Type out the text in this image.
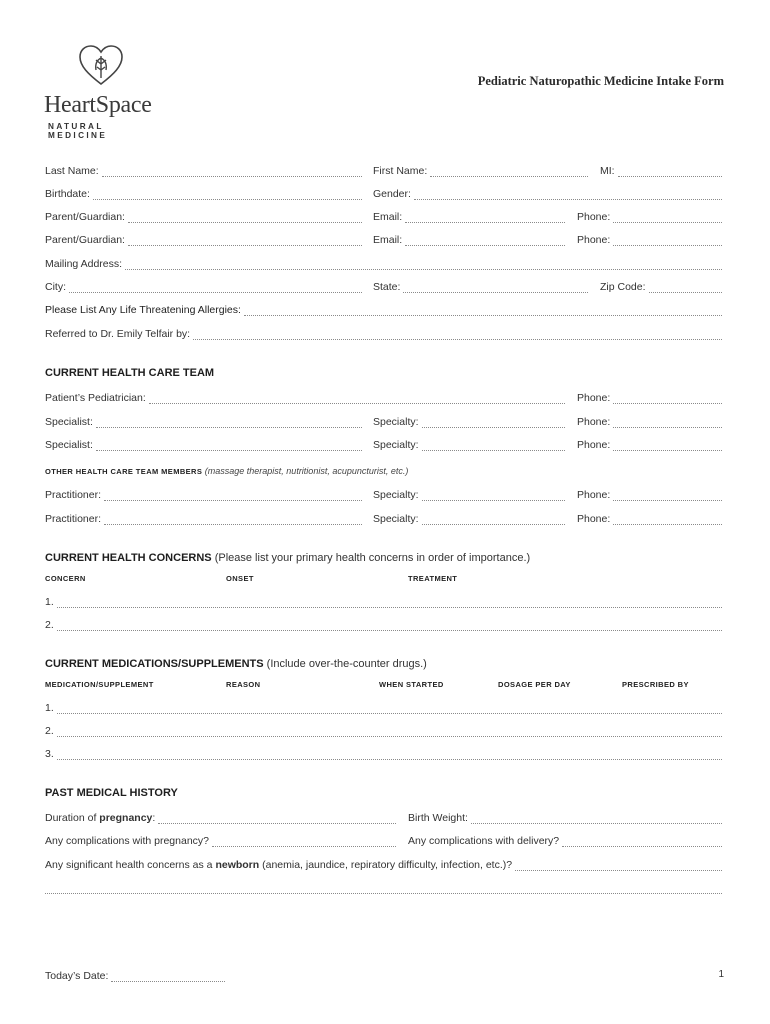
HeartSpace
NATURAL MEDICINE
Pediatric Naturopathic Medicine Intake Form
Last Name:	First Name:	MI:
Birthdate:	Gender:
Parent/Guardian:	Email:	Phone:
Parent/Guardian:	Email:	Phone:
Mailing Address:
City:	State:	Zip Code:
Please List Any Life Threatening Allergies:
Referred to Dr. Emily Telfair by:
CURRENT HEALTH CARE TEAM
Patient’s Pediatrician:	Phone:
Specialist:	Specialty:	Phone:
Specialist:	Specialty:	Phone:
OTHER HEALTH CARE TEAM MEMBERS (massage therapist, nutritionist, acupuncturist, etc.)
Practitioner:	Specialty:	Phone:
Practitioner:	Specialty:	Phone:
CURRENT HEALTH CONCERNS (Please list your primary health concerns in order of importance.)
CONCERN	ONSET	TREATMENT
1.
2.
CURRENT MEDICATIONS/SUPPLEMENTS (Include over-the-counter drugs.)
MEDICATION/SUPPLEMENT	REASON	WHEN STARTED	DOSAGE PER DAY	PRESCRIBED BY
1.
2.
3.
PAST MEDICAL HISTORY
Duration of pregnancy:	Birth Weight:
Any complications with pregnancy?	Any complications with delivery?
Any significant health concerns as a newborn (anemia, jaundice, repiratory difficulty, infection, etc.)?
Today’s Date:	1
